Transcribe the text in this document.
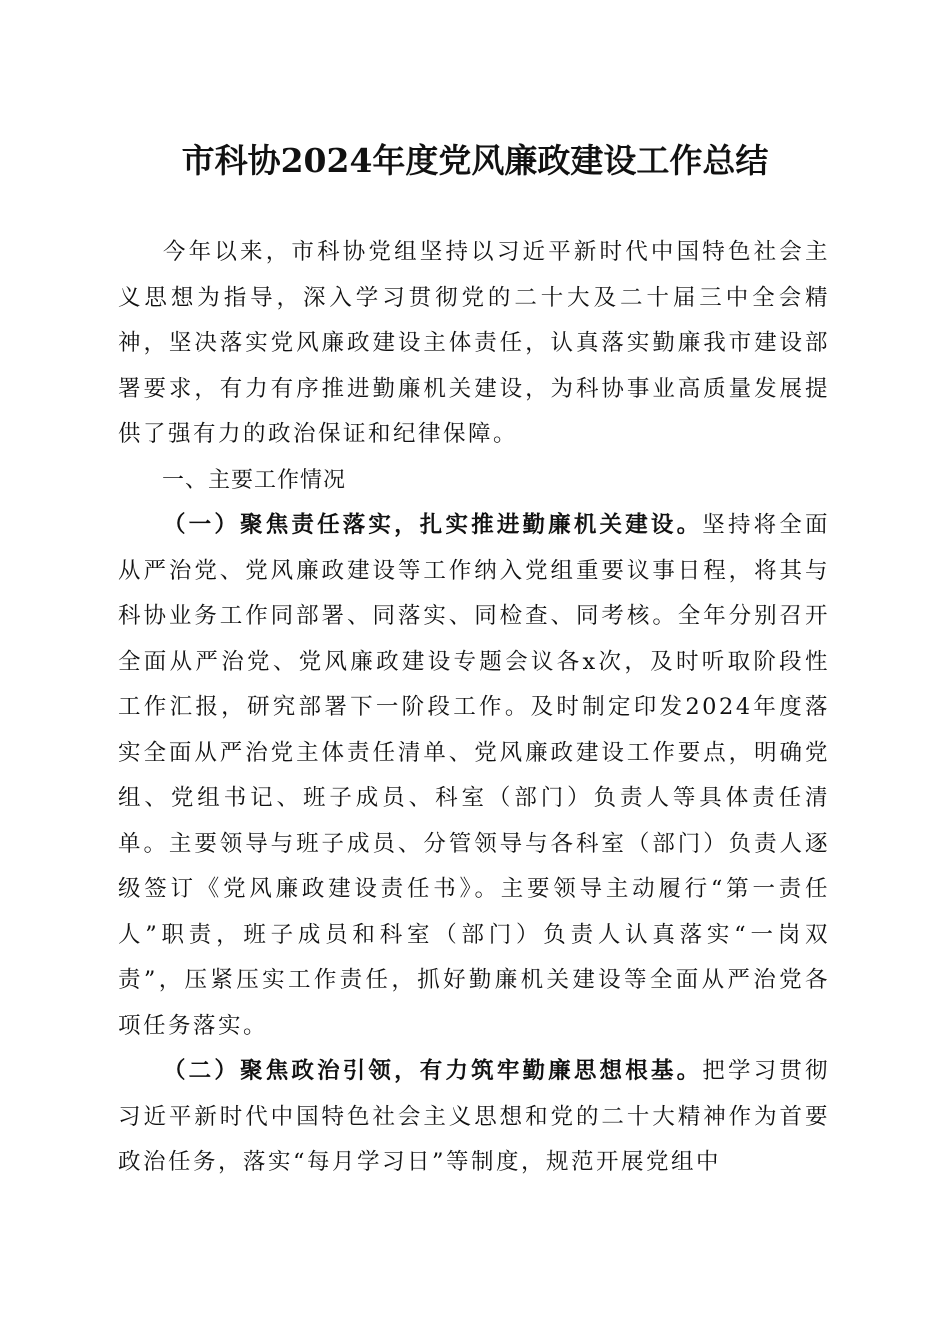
市科协2024年度党风廉政建设工作总结

今年以来，市科协党组坚持以习近平新时代中国特色社会主义思想为指导，深入学习贯彻党的二十大及二十届三中全会精神，坚决落实党风廉政建设主体责任，认真落实勤廉我市建设部署要求，有力有序推进勤廉机关建设，为科协事业高质量发展提供了强有力的政治保证和纪律保障。

一、主要工作情况

（一）聚焦责任落实，扎实推进勤廉机关建设。坚持将全面从严治党、党风廉政建设等工作纳入党组重要议事日程，将其与科协业务工作同部署、同落实、同检查、同考核。全年分别召开全面从严治党、党风廉政建设专题会议各x次，及时听取阶段性工作汇报，研究部署下一阶段工作。及时制定印发2024年度落实全面从严治党主体责任清单、党风廉政建设工作要点，明确党组、党组书记、班子成员、科室（部门）负责人等具体责任清单。主要领导与班子成员、分管领导与各科室（部门）负责人逐级签订《党风廉政建设责任书》。主要领导主动履行“第一责任人”职责，班子成员和科室（部门）负责人认真落实“一岗双责”，压紧压实工作责任，抓好勤廉机关建设等全面从严治党各项任务落实。

（二）聚焦政治引领，有力筑牢勤廉思想根基。把学习贯彻习近平新时代中国特色社会主义思想和党的二十大精神作为首要政治任务，落实“每月学习日”等制度，规范开展党组中
